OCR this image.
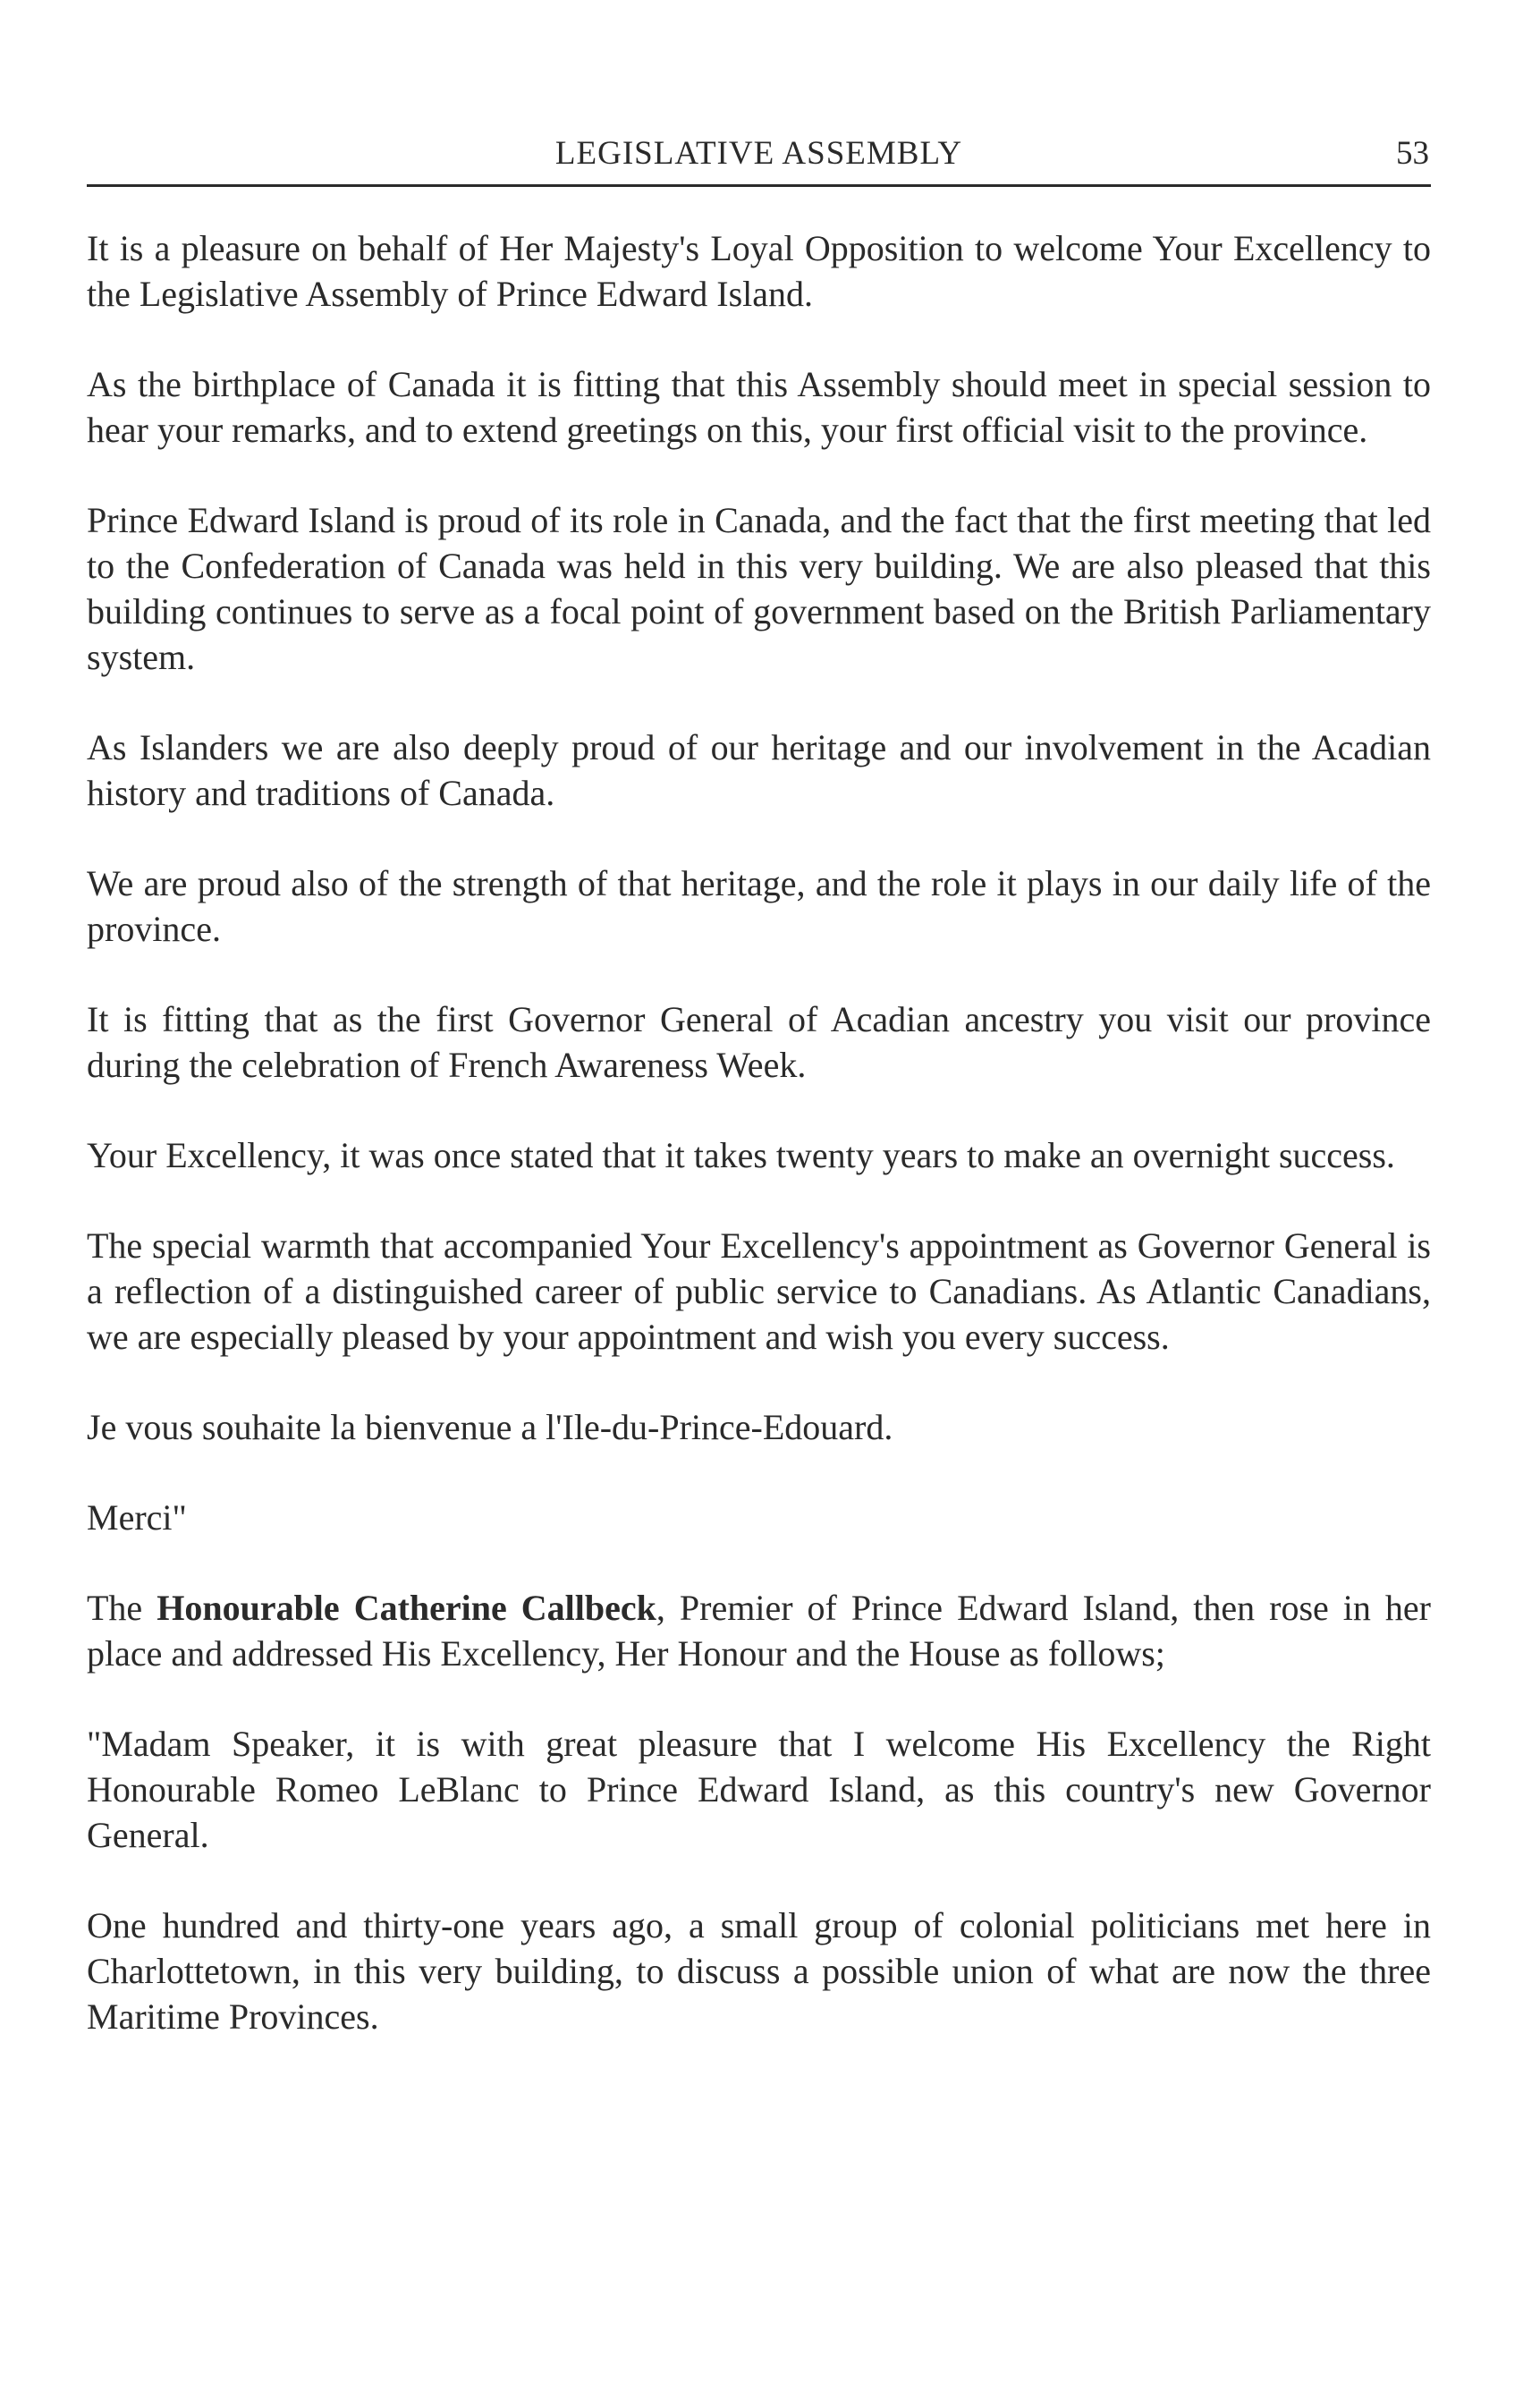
LEGISLATIVE ASSEMBLY	53

It is a pleasure on behalf of Her Majesty's Loyal Opposition to welcome Your Excellency to the Legislative Assembly of Prince Edward Island.

As the birthplace of Canada it is fitting that this Assembly should meet in special session to hear your remarks, and to extend greetings on this, your first official visit to the province.

Prince Edward Island is proud of its role in Canada, and the fact that the first meeting that led to the Confederation of Canada was held in this very building. We are also pleased that this building continues to serve as a focal point of government based on the British Parliamentary system.

As Islanders we are also deeply proud of our heritage and our involvement in the Acadian history and traditions of Canada.

We are proud also of the strength of that heritage, and the role it plays in our daily life of the province.

It is fitting that as the first Governor General of Acadian ancestry you visit our province during the celebration of French Awareness Week.

Your Excellency, it was once stated that it takes twenty years to make an overnight success.

The special warmth that accompanied Your Excellency's appointment as Governor General is a reflection of a distinguished career of public service to Canadians. As Atlantic Canadians, we are especially pleased by your appointment and wish you every success.

Je vous souhaite la bienvenue a l'Ile-du-Prince-Edouard.

Merci"

The Honourable Catherine Callbeck, Premier of Prince Edward Island, then rose in her place and addressed His Excellency, Her Honour and the House as follows;

"Madam Speaker, it is with great pleasure that I welcome His Excellency the Right Honourable Romeo LeBlanc to Prince Edward Island, as this country's new Governor General.

One hundred and thirty-one years ago, a small group of colonial politicians met here in Charlottetown, in this very building, to discuss a possible union of what are now the three Maritime Provinces.
